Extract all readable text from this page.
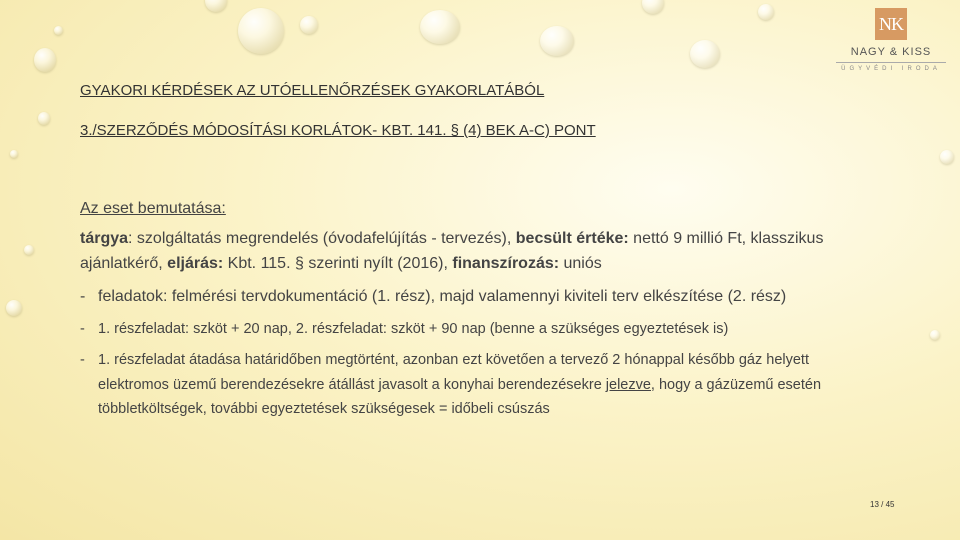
NK
NAGY & KISS
ÜGYVÉDI IRODA
GYAKORI KÉRDÉSEK AZ UTÓELLENŐRZÉSEK GYAKORLATÁBÓL
3./SZERZŐDÉS MÓDOSÍTÁSI KORLÁTOK- KBT. 141. § (4) BEK A-C) PONT
Az eset bemutatása:

tárgya: szolgáltatás megrendelés (óvodafelújítás - tervezés), becsült értéke: nettó 9 millió Ft, klasszikus ajánlatkérő, eljárás: Kbt. 115. § szerinti nyílt (2016), finanszírozás: uniós

- feladatok: felmérési tervdokumentáció (1. rész), majd valamennyi kiviteli terv elkészítése (2. rész)
- 1. részfeladat: szköt + 20 nap, 2. részfeladat: szköt + 90 nap (benne a szükséges egyeztetések is)
- 1. részfeladat átadása határidőben megtörtént, azonban ezt követően a tervező 2 hónappal később gáz helyett elektromos üzemű berendezésekre átállást javasolt a konyhai berendezésekre jelezve, hogy a gázüzemű esetén többletköltségek, további egyeztetések szükségesek = időbeli csúszás
13 / 45
